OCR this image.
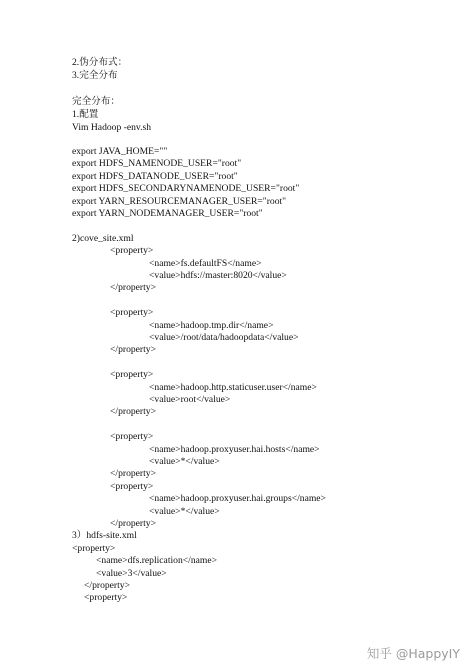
2.伪分布式：
3.完全分布
完全分布：
1.配置
Vim Hadoop -env.sh
export JAVA_HOME=""
export HDFS_NAMENODE_USER="root"
export HDFS_DATANODE_USER="root"
export HDFS_SECONDARYNAMENODE_USER="root"
export YARN_RESOURCEMANAGER_USER="root"
export YARN_NODEMANAGER_USER="root"
2)cove_site.xml
<property>
<name>fs.defaultFS</name>
<value>hdfs://master:8020</value>
</property>
<property>
<name>hadoop.tmp.dir</name>
<value>/root/data/hadoopdata</value>
</property>
<property>
<name>hadoop.http.staticuser.user</name>
<value>root</value>
</property>
<property>
<name>hadoop.proxyuser.hai.hosts</name>
<value>*</value>
</property>
<property>
<name>hadoop.proxyuser.hai.groups</name>
<value>*</value>
</property>
3）hdfs-site.xml
<property>
<name>dfs.replication</name>
<value>3</value>
</property>
<property>
知乎 @HappyIY
